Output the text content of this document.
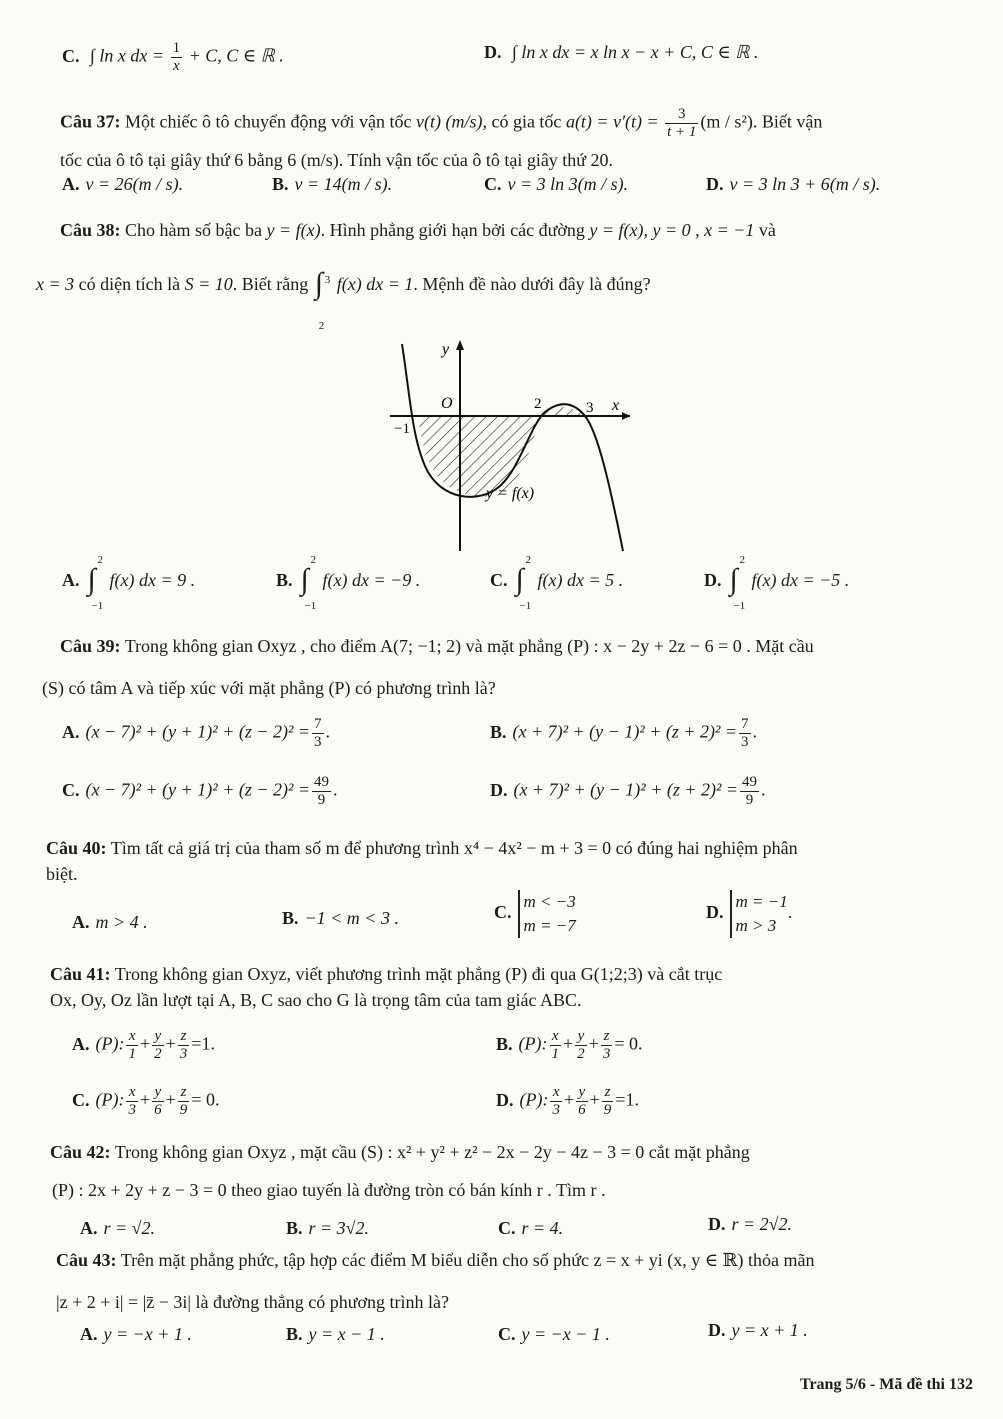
C. ∫ ln x dx = $\frac{1}{x} + C$, C ∈ ℝ .	D. ∫ ln x dx = x ln x − x + C, C ∈ ℝ .
Câu 37: Một chiếc ô tô chuyển động với vận tốc v(t) (m/s), có gia tốc $a(t) = v'(t) = \frac{3}{t + 1} (m / s^2)$. Biết vận
tốc của ô tô tại giây thứ 6 bằng 6 (m/s). Tính vận tốc của ô tô tại giây thứ 20.
A. v = 26(m / s).	B. v = 14(m / s).	C. v = 3 ln 3(m / s).	D. v = 3 ln 3 + 6(m / s).
Câu 38: Cho hàm số bậc ba y = f(x). Hình phẳng giới hạn bởi các đường y = f(x), y = 0 , x = −1 và
x = 3 có diện tích là S = 10. Biết rằng ∫ 3
2
f(x) dx = 1. Mệnh đề nào dưới đây là đúng?
y
O
−1
2	3 x
y = f(x)
A. ∫
2
−1
f(x) dx = 9 .	B. ∫
2
−1
f(x) dx = −9 .	C. ∫
2
−1
f(x) dx = 5 .	D. ∫
2
−1
f(x) dx = −5 .
Câu 39: Trong không gian Oxyz , cho điểm A(7; −1; 2) và mặt phẳng (P) : x − 2y + 2z − 6 = 0 . Mặt cầu
(S) có tâm A và tiếp xúc với mặt phẳng (P) có phương trình là?
A. $(x - 7)^2 + (y + 1)^2 + (z - 2)^2 = \frac{7}{3}$ .	B. $(x + 7)^2 + (y - 1)^2 + (z + 2)^2 = \frac{7}{3}$ .
C. $(x - 7)^2 + (y + 1)^2 + (z - 2)^2 = \frac{49}{9}$ .	D. $(x + 7)^2 + (y - 1)^2 + (z + 2)^2 = \frac{49}{9}$ .
Câu 40: Tìm tất cả giá trị của tham số m để phương trình x⁴ − 4x² − m + 3 = 0 có đúng hai nghiệm phân
biệt.
A. m > 4 .	B. −1 < m < 3 .	C.m < −3
m = −7
D.m = −1
m > 3.
Câu 41: Trong không gian Oxyz, viết phương trình mặt phẳng (P) đi qua G(1;2;3) và cắt trục
Ox, Oy, Oz lần lượt tại A, B, C sao cho G là trọng tâm của tam giác ABC.
A. (P): $\frac{x}{1} + \frac{y}{2} + \frac{z}{3} =1$.	B. (P): $\frac{x}{1} + \frac{y}{2} + \frac{z}{3} = 0$.
C. (P): $\frac{x}{3} + \frac{y}{6} + \frac{z}{9} = 0$.	D. (P): $\frac{x}{3} + \frac{y}{6} + \frac{z}{9} =1$.
Câu 42: Trong không gian Oxyz , mặt cầu (S) : x² + y² + z² − 2x − 2y − 4z − 3 = 0 cắt mặt phẳng
(P) : 2x + 2y + z − 3 = 0 theo giao tuyến là đường tròn có bán kính r . Tìm r .
A. r = √2.	B. r = 3√2.	C. r = 4.	D. r = 2√2.
Câu 43: Trên mặt phẳng phức, tập hợp các điểm M biểu diễn cho số phức z = x + yi (x, y ∈ ℝ) thỏa mãn
|z + 2 + i| = |z̄ − 3i| là đường thẳng có phương trình là?
A. y = −x + 1 .	B. y = x − 1 .	C. y = −x − 1 .	D. y = x + 1 .
Trang 5/6 - Mã đề thi 132
